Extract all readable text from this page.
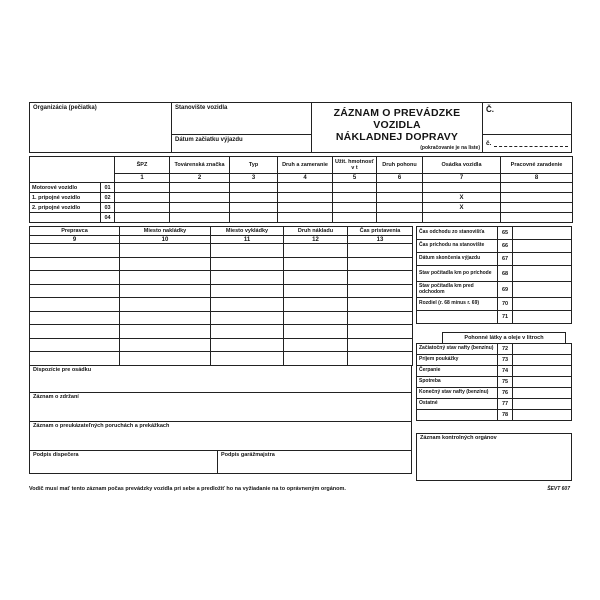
Organizácia (pečiatka)	Stanovište vozidla
Dátum začiatku výjazdu
ZÁZNAM O PREVÁDZKE VOZIDLA
NÁKLADNEJ DOPRAVY
(pokračovanie je na liste)
Č.
č.
		ŠPZ	Továrenská značka	Typ	Druh a zameranie	Užit. hmotnosť v t	Druh pohonu	Osádka vozidla	Pracovné zaradenie
		1	2	3	4	5	6	7	8
Motorové vozidlo	01								
1. prípojné vozidlo	02							X	
2. prípojné vozidlo	03							X	
	04								
Prepravca	Miesto nakládky	Miesto vykládky	Druh nákladu	Čas pristavenia
9	10	11	12	13

Dispozície pre osádku
Záznam o zdržaní
Záznam o preukázateľných poruchách a prekážkach
Podpis dispečera	Podpis garážmajstra
Čas odchodu zo stanovišťa	65	
Čas príchodu na stanovište	66	
Dátum skončenia výjazdu	67	
Stav počítadla km po príchode	68	
Stav počítadla km pred odchodom	69	
Rozdiel (r. 68 mínus r. 69)	70	
	71	
Pohonné látky a oleje v litroch
Začiatočný stav nafty (benzínu)	72	
Príjem poukážky	73	
Čerpanie	74	
Spotreba	75	
Konečný stav nafty (benzínu)	76	
Ostatné	77	
	78	
Záznam kontrolných orgánov
Vodič musí mať tento záznam počas prevádzky vozidla pri sebe a predložiť ho na vyžiadanie na to oprávneným orgánom.	ŠEVT 607
